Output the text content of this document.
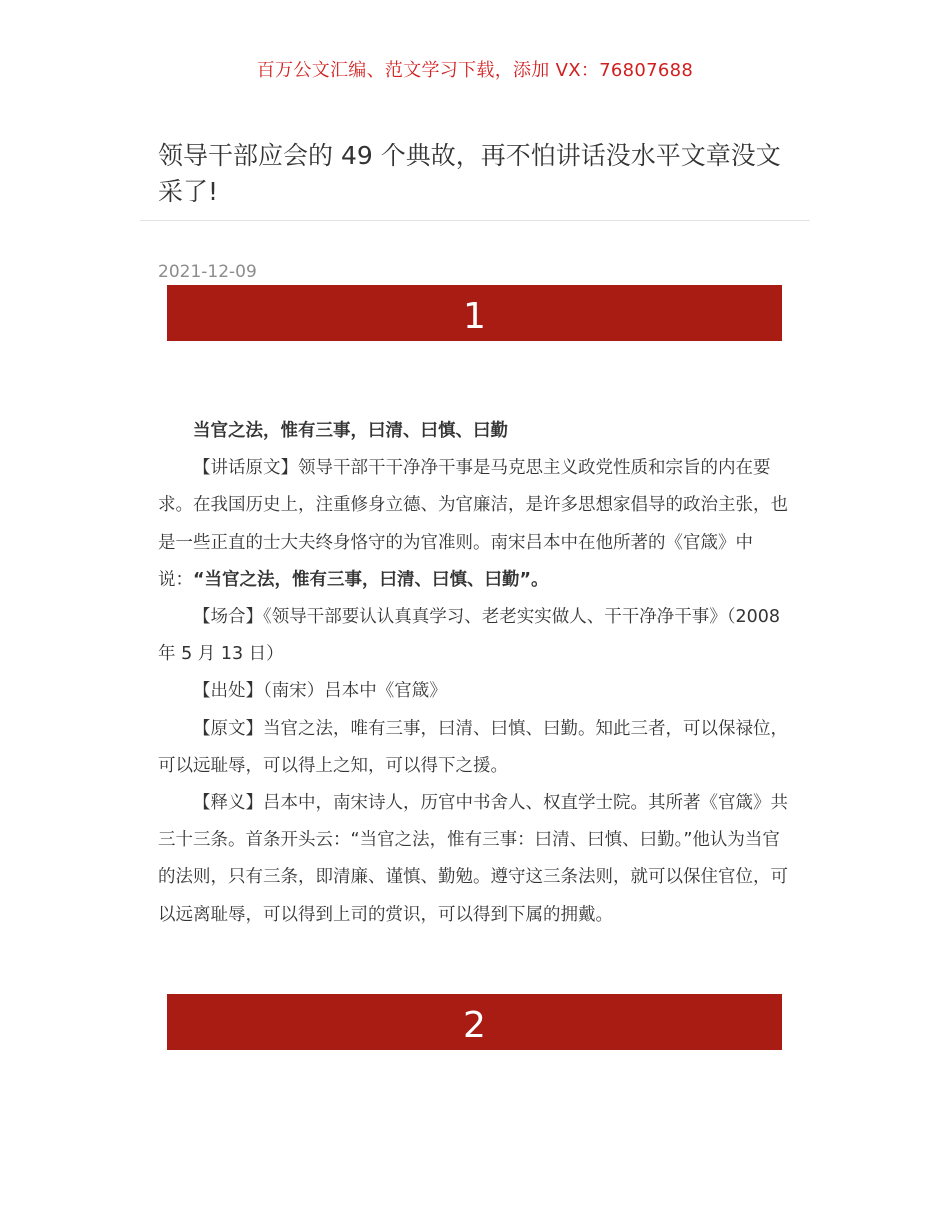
百万公文汇编、范文学习下载，添加 VX：76807688
领导干部应会的 49 个典故，再不怕讲话没水平文章没文采了!
2021-12-09
1

当官之法，惟有三事，曰清、曰慎、曰勤

【讲话原文】领导干部干干净净干事是马克思主义政党性质和宗旨的内在要求。在我国历史上，注重修身立德、为官廉洁，是许多思想家倡导的政治主张，也是一些正直的士大夫终身恪守的为官准则。南宋吕本中在他所著的《官箴》中说：“当官之法，惟有三事，曰清、曰慎、曰勤”。

【场合】《领导干部要认认真真学习、老老实实做人、干干净净干事》（2008 年 5 月 13 日）

【出处】（南宋）吕本中《官箴》

【原文】当官之法，唯有三事，曰清、曰慎、曰勤。知此三者，可以保禄位，可以远耻辱，可以得上之知，可以得下之援。

【释义】吕本中，南宋诗人，历官中书舍人、权直学士院。其所著《官箴》共三十三条。首条开头云：“当官之法，惟有三事：曰清、曰慎、曰勤。”他认为当官的法则，只有三条，即清廉、谨慎、勤勉。遵守这三条法则，就可以保住官位，可以远离耻辱，可以得到上司的赏识，可以得到下属的拥戴。

2
